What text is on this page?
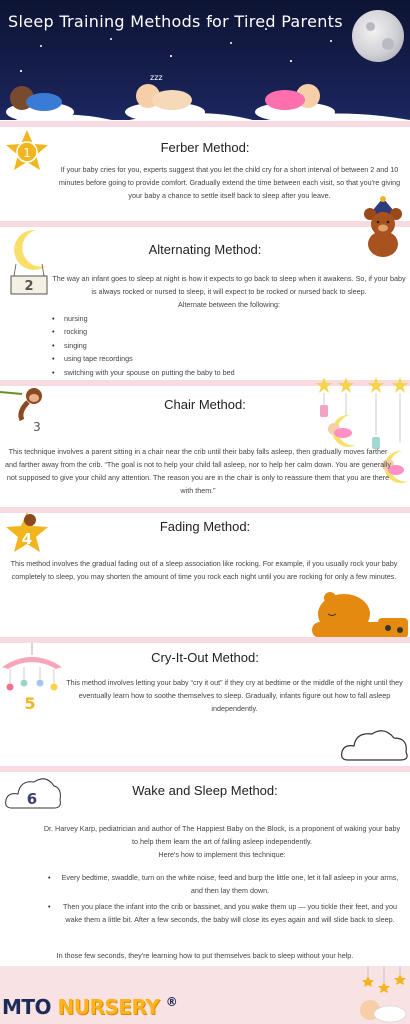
Sleep Training Methods for Tired Parents
zzz
1	Ferber Method:
If your baby cries for you, experts suggest that you let the child cry for a short interval of between 2 and 10 minutes before going to provide comfort. Gradually extend the time between each visit, so that you're giving your baby a chance to settle itself back to sleep after you leave.
2
Alternating Method:
The way an infant goes to sleep at night is how it expects to go back to sleep when it awakens. So, if your baby is always rocked or nursed to sleep, it will expect to be rocked or nursed back to sleep.
Alternate between the following:
• nursing
• rocking
• singing
• using tape recordings
• switching with your spouse on putting the baby to bed
3
Chair Method:
This technique involves a parent sitting in a chair near the crib until their baby falls asleep, then gradually moves farther and farther away from the crib. “The goal is not to help your child fall asleep, nor to help her calm down. You are generally not supposed to give your child any attention. The reason you are in the chair is only to reassure them that you are there with them.”
4
Fading Method:
This method involves the gradual fading out of a sleep association like rocking. For example, if you usually rock your baby completely to sleep, you may shorten the amount of time you rock each night until you are rocking for only a few minutes.
5
Cry-It-Out Method:
This method involves letting your baby “cry it out” if they cry at bedtime or the middle of the night until they eventually learn how to soothe themselves to sleep. Gradually, infants figure out how to fall asleep independently.
6	Wake and Sleep Method:
Dr. Harvey Karp, pediatrician and author of The Happiest Baby on the Block, is a proponent of waking your baby to help them learn the art of falling asleep independently.
Here's how to implement this technique:
• Every bedtime, swaddle, turn on the white noise, feed and burp the little one, let it fall asleep in your arms, and then lay them down.
• Then you place the infant into the crib or bassinet, and you wake them up — you tickle their feet, and you wake them a little bit. After a few seconds, the baby will close its eyes again and will slide back to sleep.
In those few seconds, they're learning how to put themselves back to sleep without your help.
MTO NURSERY ®
